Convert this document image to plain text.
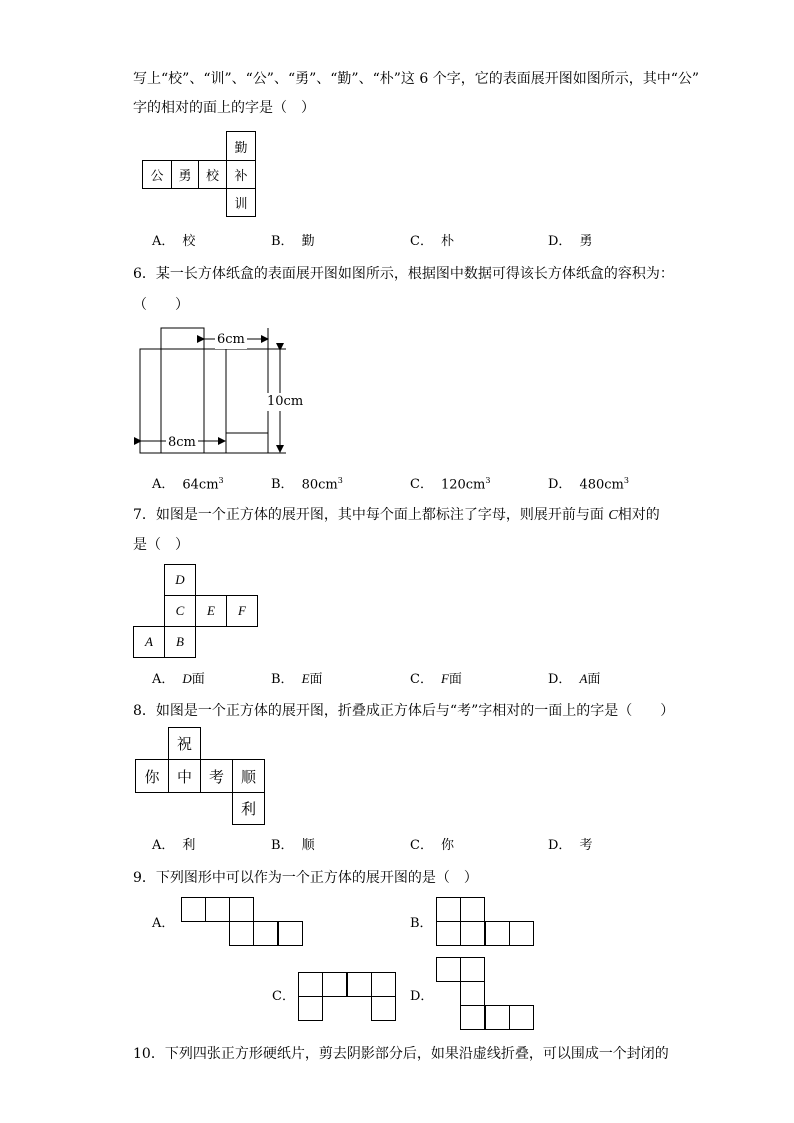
写上“校”、“训”、“公”、“勇”、“勤”、“朴”这 6 个字，它的表面展开图如图所示，其中“公”
字的相对的面上的字是（　）
勤
公	勇	校	补
训
A． 校	B． 勤	C． 朴	D． 勇
6．某一长方体纸盒的表面展开图如图所示，根据图中数据可得该长方体纸盒的容积为：
（　　）
6cm
10cm
8cm
A． $64cm^3$	B． $80cm^3$	C． $120cm^3$	D． $480cm^3$
7．如图是一个正方体的展开图，其中每个面上都标注了字母，则展开前与面 C相对的
是（　）
D
C	E	F
A	B
A． D面	B． E面	C． F面	D． A面
8．如图是一个正方体的展开图，折叠成正方体后与“考”字相对的一面上的字是（　　）
祝
你	中	考	顺
利
A． 利	B． 顺	C． 你	D． 考
9．下列图形中可以作为一个正方体的展开图的是（　）
A．	B．
C．	D．
10．下列四张正方形硬纸片，剪去阴影部分后，如果沿虚线折叠，可以围成一个封闭的
